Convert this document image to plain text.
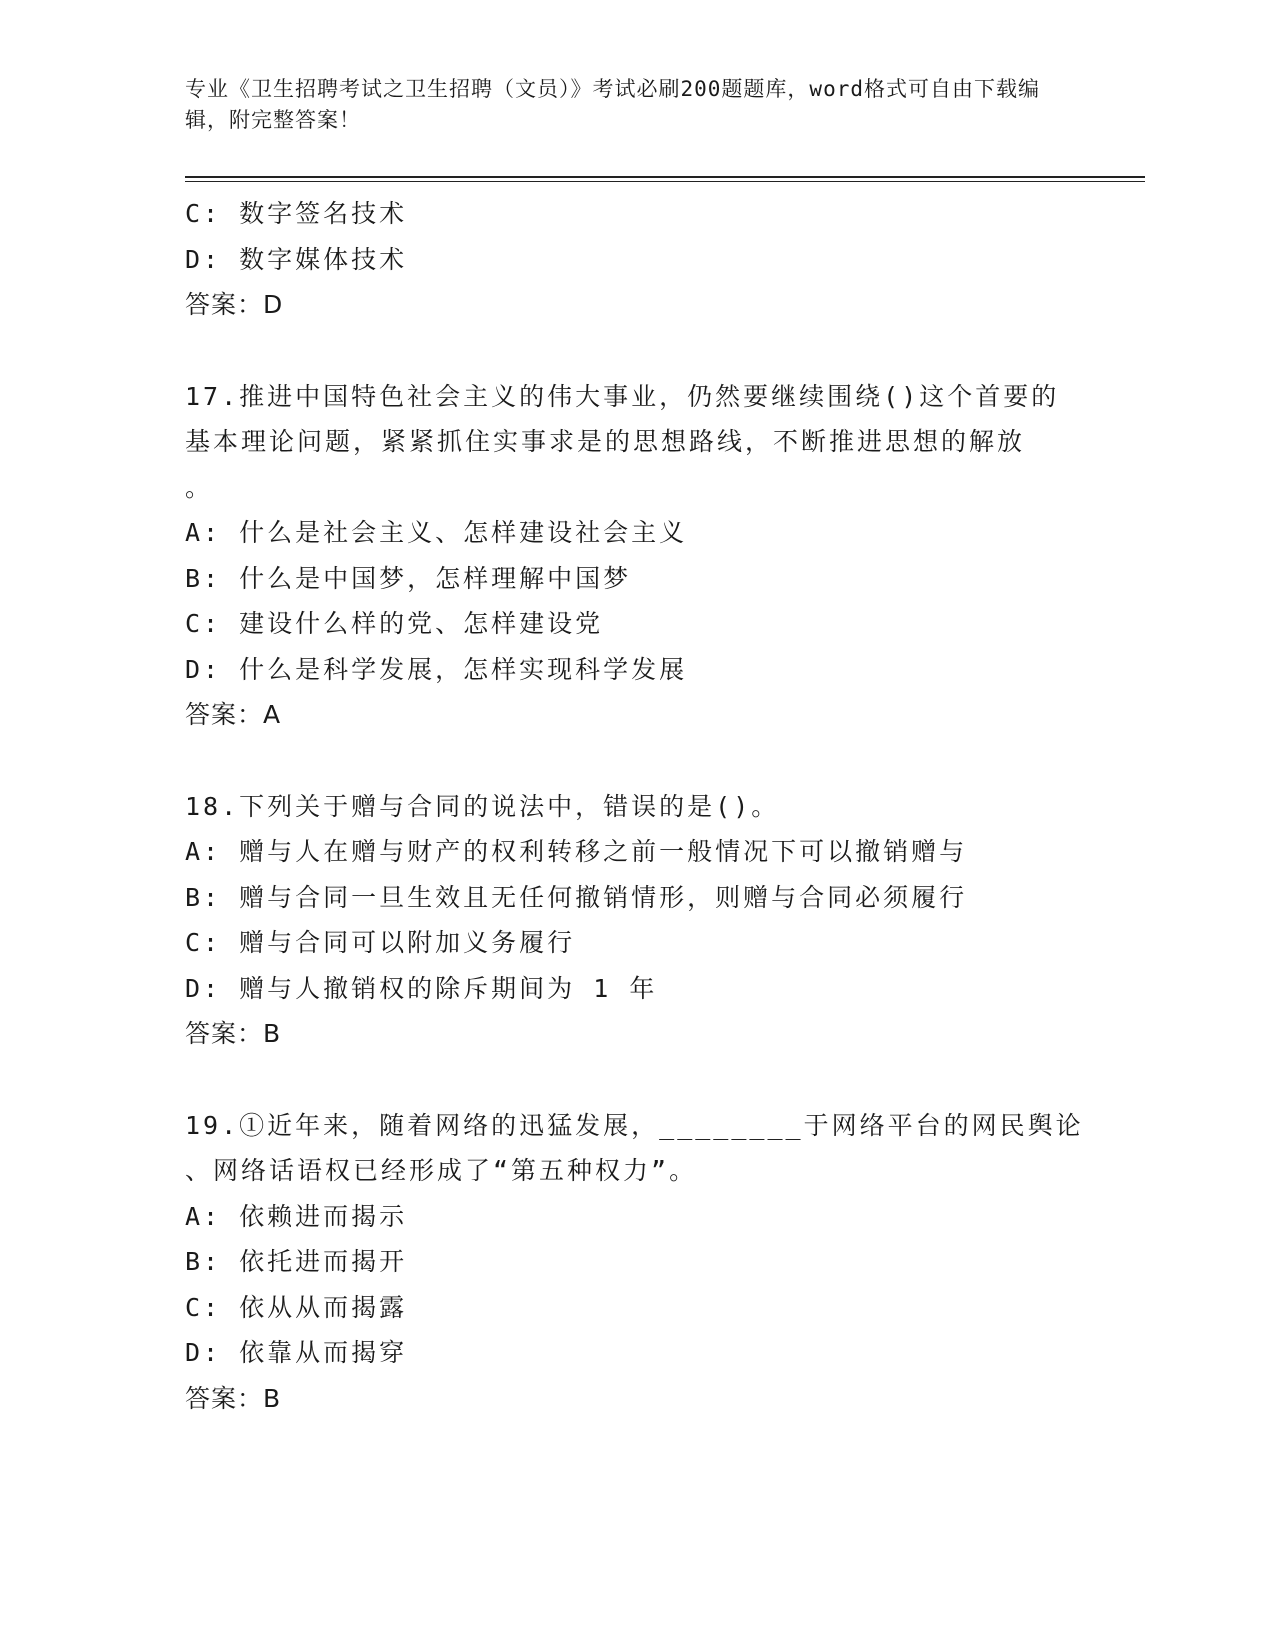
专业《卫生招聘考试之卫生招聘（文员）》考试必刷200题题库，word格式可自由下载编辑，附完整答案！
C: 数字签名技术
D: 数字媒体技术
答案：D
17.推进中国特色社会主义的伟大事业，仍然要继续围绕()这个首要的
基本理论问题，紧紧抓住实事求是的思想路线，不断推进思想的解放
。
A: 什么是社会主义、怎样建设社会主义
B: 什么是中国梦，怎样理解中国梦
C: 建设什么样的党、怎样建设党
D: 什么是科学发展，怎样实现科学发展
答案：A
18.下列关于赠与合同的说法中，错误的是()。
A: 赠与人在赠与财产的权利转移之前一般情况下可以撤销赠与
B: 赠与合同一旦生效且无任何撤销情形，则赠与合同必须履行
C: 赠与合同可以附加义务履行
D: 赠与人撤销权的除斥期间为 1 年
答案：B
19.①近年来，随着网络的迅猛发展，________于网络平台的网民舆论
、网络话语权已经形成了“第五种权力”。
A: 依赖进而揭示
B: 依托进而揭开
C: 依从从而揭露
D: 依靠从而揭穿
答案：B
